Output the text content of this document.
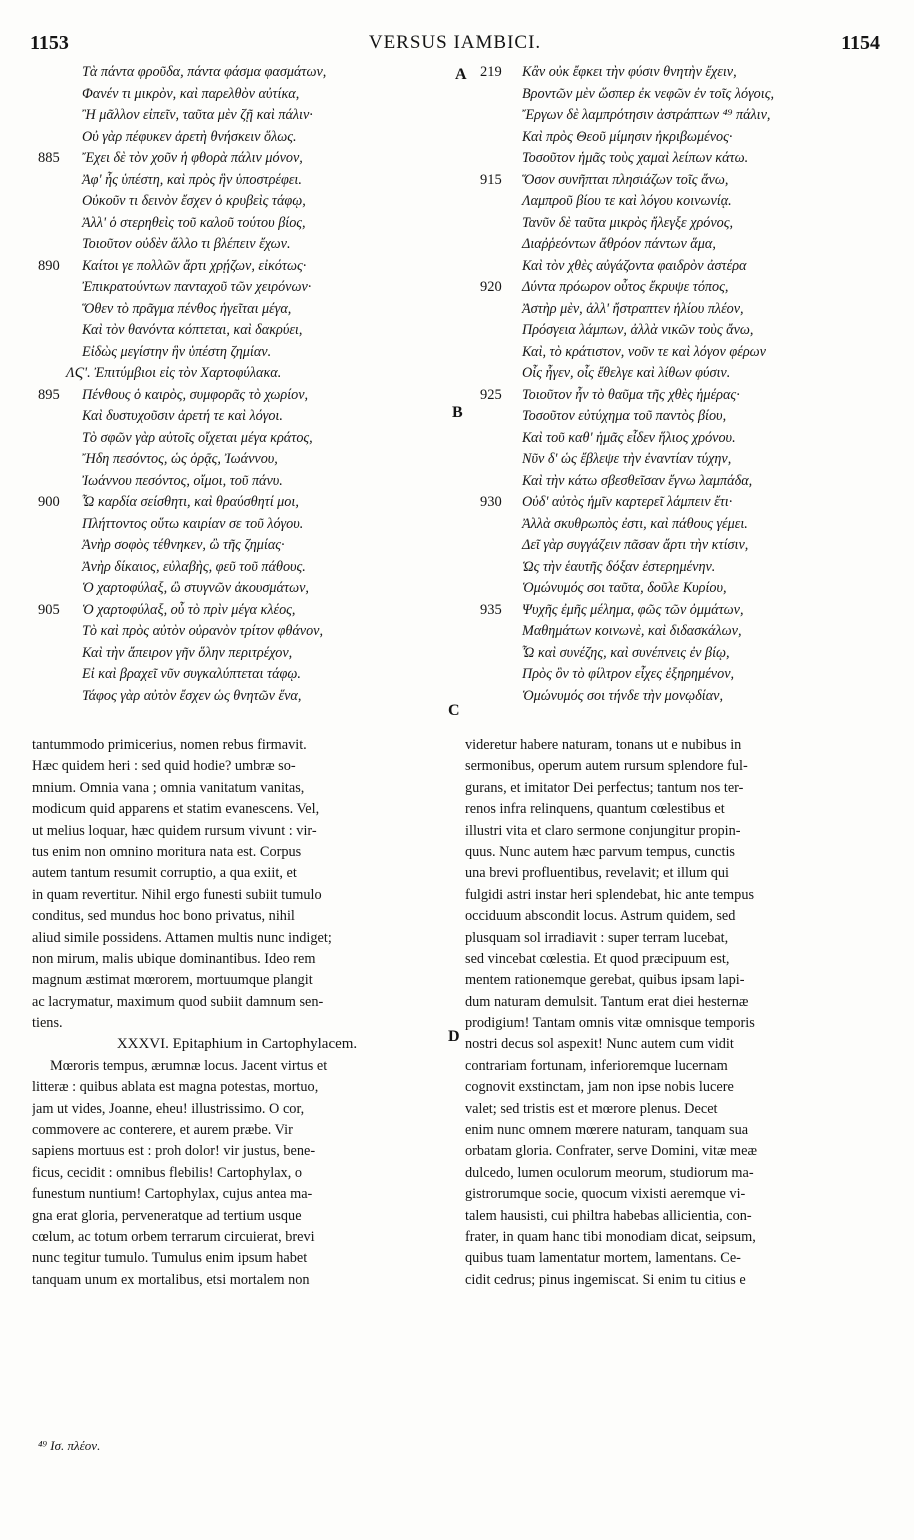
1153	VERSUS IAMBICI.	1154
Τὰ πάντα φροῦδα, πάντα φάσμα φασμάτων,
Φανέν τι μικρὸν, καὶ παρελθὸν αὐτίκα,
Ἢ μᾶλλον εἰπεῖν, ταῦτα μὲν ζῇ καὶ πάλιν·
Οὐ γὰρ πέφυκεν ἀρετὴ θνήσκειν ὅλως.
885 Ἔχει δὲ τὸν χοῦν ἡ φθορὰ πάλιν μόνον,
Ἀφ' ἧς ὑπέστη, καὶ πρὸς ἣν ὑποστρέφει.
Οὐκοῦν τι δεινὸν ἔσχεν ὁ κρυβεὶς τάφῳ,
Ἀλλ' ὁ στερηθεὶς τοῦ καλοῦ τούτου βίος,
Τοιοῦτον οὐδὲν ἄλλο τι βλέπειν ἔχων.
890 Καίτοι γε πολλῶν ἄρτι χρῄζων, εἰκότως·
Ἐπικρατούντων πανταχοῦ τῶν χειρόνων·
Ὅθεν τὸ πρᾶγμα πένθος ἡγεῖται μέγα,
Καὶ τὸν θανόντα κόπτεται, καὶ δακρύει,
Εἰδὼς μεγίστην ἣν ὑπέστη ζημίαν.
ΛϚ'. Ἐπιτύμβιοι εἰς τὸν Χαρτοφύλακα.
895 Πένθους ὁ καιρὸς, συμφορᾶς τὸ χωρίον,
Καὶ δυστυχοῦσιν ἀρετή τε καὶ λόγοι.
Τὸ σφῶν γὰρ αὐτοῖς οἴχεται μέγα κράτος,
Ἤδη πεσόντος, ὡς ὁρᾷς, Ἰωάννου,
Ἰωάννου πεσόντος, οἴμοι, τοῦ πάνυ.
900 Ὦ καρδία σείσθητι, καὶ θραύσθητί μοι,
Πλήττοντος οὕτω καιρίαν σε τοῦ λόγου.
Ἀνὴρ σοφὸς τέθνηκεν, ὢ τῆς ζημίας·
Ἀνὴρ δίκαιος, εὐλαβὴς, φεῦ τοῦ πάθους.
Ὁ χαρτοφύλαξ, ὢ στυγνῶν ἀκουσμάτων,
905 Ὁ χαρτοφύλαξ, οὗ τὸ πρὶν μέγα κλέος,
Τὸ καὶ πρὸς αὐτὸν οὐρανὸν τρίτον φθάνον,
Καὶ τὴν ἄπειρον γῆν ὅλην περιτρέχον,
Εἰ καὶ βραχεῖ νῦν συγκαλύπτεται τάφῳ.
Τάφος γὰρ αὐτὸν ἔσχεν ὡς θνητῶν ἕνα,
219 Κἂν οὐκ ἔφκει τὴν φύσιν θνητὴν ἔχειν,
Βροντῶν μὲν ὥσπερ ἐκ νεφῶν ἐν τοῖς λόγοις,
Ἔργων δὲ λαμπρότησιν ἀστράπτων ⁴⁹ πάλιν,
Καὶ πρὸς Θεοῦ μίμησιν ἠκριβωμένος·
Τοσοῦτον ἡμᾶς τοὺς χαμαὶ λείπων κάτω.
915 Ὅσον συνῆπται πλησιάζων τοῖς ἄνω,
Λαμπροῦ βίου τε καὶ λόγου κοινωνίᾳ.
Τανῦν δὲ ταῦτα μικρὸς ἤλεγξε χρόνος,
Διαῤῥεόντων ἄθρόον πάντων ἅμα,
Καὶ τὸν χθὲς αὐγάζοντα φαιδρὸν ἀστέρα
920 Δύντα πρόωρον οὗτος ἔκρυψε τόπος,
Ἀστὴρ μὲν, ἀλλ' ἤστραπτεν ἡλίου πλέον,
Πρόσγεια λάμπων, ἀλλὰ νικῶν τοὺς ἄνω,
Καὶ, τὸ κράτιστον, νοῦν τε καὶ λόγον φέρων
Οἷς ἦγεν, οἷς ἔθελγε καὶ λίθων φύσιν.
925 Τοιοῦτον ἦν τὸ θαῦμα τῆς χθὲς ἡμέρας·
Τοσοῦτον εὐτύχημα τοῦ παντὸς βίου,
Καὶ τοῦ καθ' ἡμᾶς εἶδεν ἥλιος χρόνου.
Νῦν δ' ὡς ἔβλεψε τὴν ἐναντίαν τύχην,
Καὶ τὴν κάτω σβεσθεῖσαν ἔγνω λαμπάδα,
930 Οὐδ' αὐτὸς ἡμῖν καρτερεῖ λάμπειν ἔτι·
Ἀλλὰ σκυθρωπὸς ἐστι, καὶ πάθους γέμει.
Δεῖ γὰρ συγγάζειν πᾶσαν ἄρτι τὴν κτίσιν,
Ὡς τὴν ἑαυτῆς δόξαν ἐστερημένην.
Ὁμώνυμός σοι ταῦτα, δοῦλε Κυρίου,
935 Ψυχῆς ἐμῆς μέλημα, φῶς τῶν ὀμμάτων,
Μαθημάτων κοινωνὲ, καὶ διδασκάλων,
Ὦ καὶ συνέζης, καὶ συνέπνεις ἐν βίῳ,
Πρὸς ὃν τὸ φίλτρον εἶχες ἐξηρημένον,
Ὁμώνυμός σοι τήνδε τὴν μονῳδίαν,
A
B
C
D
tantummodo primicerius, nomen rebus firmavit.
Hæc quidem heri : sed quid hodie? umbræ so-
mnium. Omnia vana ; omnia vanitatum vanitas,
modicum quid apparens et statim evanescens. Vel,
ut melius loquar, hæc quidem rursum vivunt : vir-
tus enim non omnino moritura nata est. Corpus
autem tantum resumit corruptio, a qua exiit, et
in quam revertitur. Nihil ergo funesti subiit tumulo
conditus, sed mundus hoc bono privatus, nihil
aliud simile possidens. Attamen multis nunc indiget;
non mirum, malis ubique dominantibus. Ideo rem
magnum æstimat mœrorem, mortuumque plangit
ac lacrymatur, maximum quod subiit damnum sen-
tiens.
XXXVI. Epitaphium in Cartophylacem.
Mœroris tempus, ærumnæ locus. Jacent virtus et
litteræ : quibus ablata est magna potestas, mortuo,
jam ut vides, Joanne, eheu! illustrissimo. O cor,
commovere ac conterere, et aurem præbe. Vir
sapiens mortuus est : proh dolor! vir justus, bene-
ficus, cecidit : omnibus flebilis! Cartophylax, o
funestum nuntium! Cartophylax, cujus antea ma-
gna erat gloria, perveneratque ad tertium usque
cœlum, ac totum orbem terrarum circuierat, brevi
nunc tegitur tumulo. Tumulus enim ipsum habet
tanquam unum ex mortalibus, etsi mortalem non
videretur habere naturam, tonans ut e nubibus in
sermonibus, operum autem rursum splendore ful-
gurans, et imitator Dei perfectus; tantum nos ter-
renos infra relinquens, quantum cœlestibus et
illustri vita et claro sermone conjungitur propin-
quus. Nunc autem hæc parvum tempus, cunctis
una brevi profluentibus, revelavit; et illum qui
fulgidi astri instar heri splendebat, hic ante tempus
occiduum abscondit locus. Astrum quidem, sed
plusquam sol irradiavit : super terram lucebat,
sed vincebat cœlestia. Et quod præcipuum est,
mentem rationemque gerebat, quibus ipsam lapi-
dum naturam demulsit. Tantum erat diei hesternæ
prodigium! Tantam omnis vitæ omnisque temporis
nostri decus sol aspexit! Nunc autem cum vidit
contrariam fortunam, inferioremque lucernam
cognovit exstinctam, jam non ipse nobis lucere
valet; sed tristis est et mœrore plenus. Decet
enim nunc omnem mœrere naturam, tanquam sua
orbatam gloria. Confrater, serve Domini, vitæ meæ
dulcedo, lumen oculorum meorum, studiorum ma-
gistrorumque socie, quocum vixisti aeremque vi-
talem hausisti, cui philtra habebas allicientia, con-
frater, in quam hanc tibi monodiam dicat, seipsum,
quibus tuam lamentatur mortem, lamentans. Ce-
cidit cedrus; pinus ingemiscat. Si enim tu citius e
⁴⁹ Ισ. πλέον.
